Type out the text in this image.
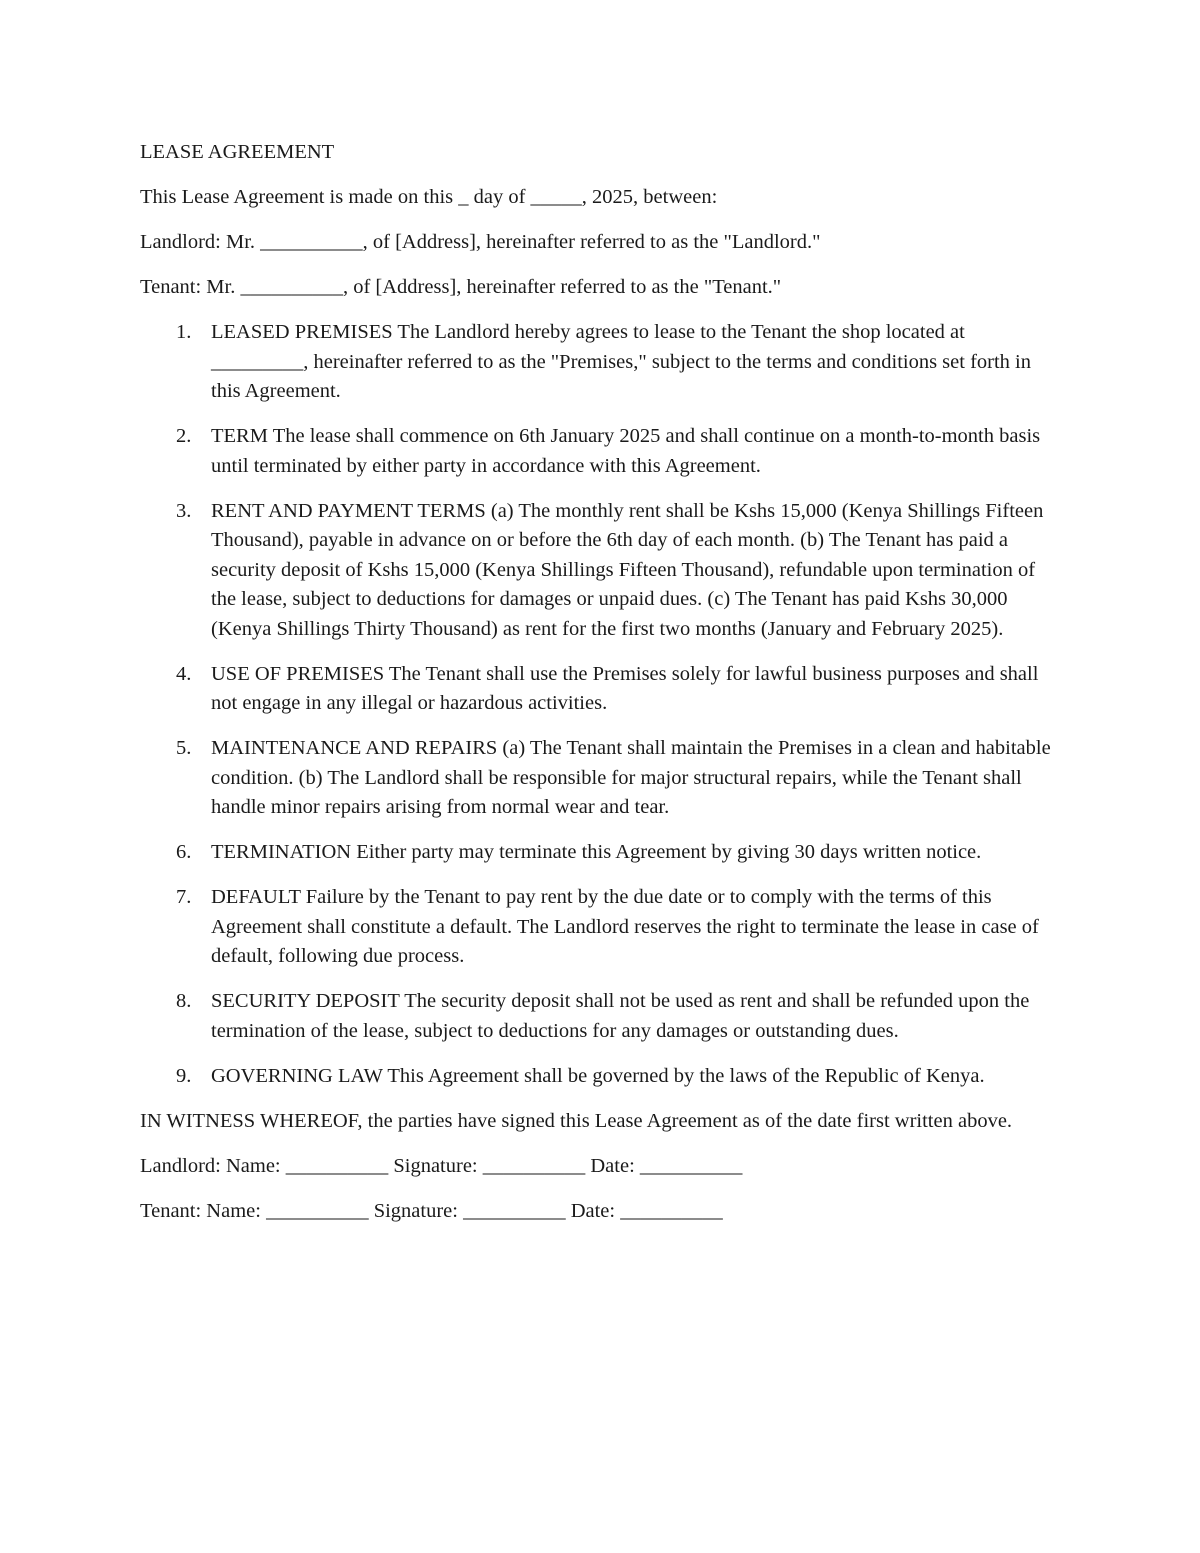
LEASE AGREEMENT

This Lease Agreement is made on this _ day of _____, 2025, between:

Landlord: Mr. __________, of [Address], hereinafter referred to as the "Landlord."

Tenant: Mr. __________, of [Address], hereinafter referred to as the "Tenant."

1. LEASED PREMISES The Landlord hereby agrees to lease to the Tenant the shop located at _________, hereinafter referred to as the "Premises," subject to the terms and conditions set forth in this Agreement.
2. TERM The lease shall commence on 6th January 2025 and shall continue on a month-to-month basis until terminated by either party in accordance with this Agreement.
3. RENT AND PAYMENT TERMS (a) The monthly rent shall be Kshs 15,000 (Kenya Shillings Fifteen Thousand), payable in advance on or before the 6th day of each month. (b) The Tenant has paid a security deposit of Kshs 15,000 (Kenya Shillings Fifteen Thousand), refundable upon termination of the lease, subject to deductions for damages or unpaid dues. (c) The Tenant has paid Kshs 30,000 (Kenya Shillings Thirty Thousand) as rent for the first two months (January and February 2025).
4. USE OF PREMISES The Tenant shall use the Premises solely for lawful business purposes and shall not engage in any illegal or hazardous activities.
5. MAINTENANCE AND REPAIRS (a) The Tenant shall maintain the Premises in a clean and habitable condition. (b) The Landlord shall be responsible for major structural repairs, while the Tenant shall handle minor repairs arising from normal wear and tear.
6. TERMINATION Either party may terminate this Agreement by giving 30 days written notice.
7. DEFAULT Failure by the Tenant to pay rent by the due date or to comply with the terms of this Agreement shall constitute a default. The Landlord reserves the right to terminate the lease in case of default, following due process.
8. SECURITY DEPOSIT The security deposit shall not be used as rent and shall be refunded upon the termination of the lease, subject to deductions for any damages or outstanding dues.
9. GOVERNING LAW This Agreement shall be governed by the laws of the Republic of Kenya.

IN WITNESS WHEREOF, the parties have signed this Lease Agreement as of the date first written above.

Landlord: Name: __________ Signature: __________ Date: __________

Tenant: Name: __________ Signature: __________ Date: __________
